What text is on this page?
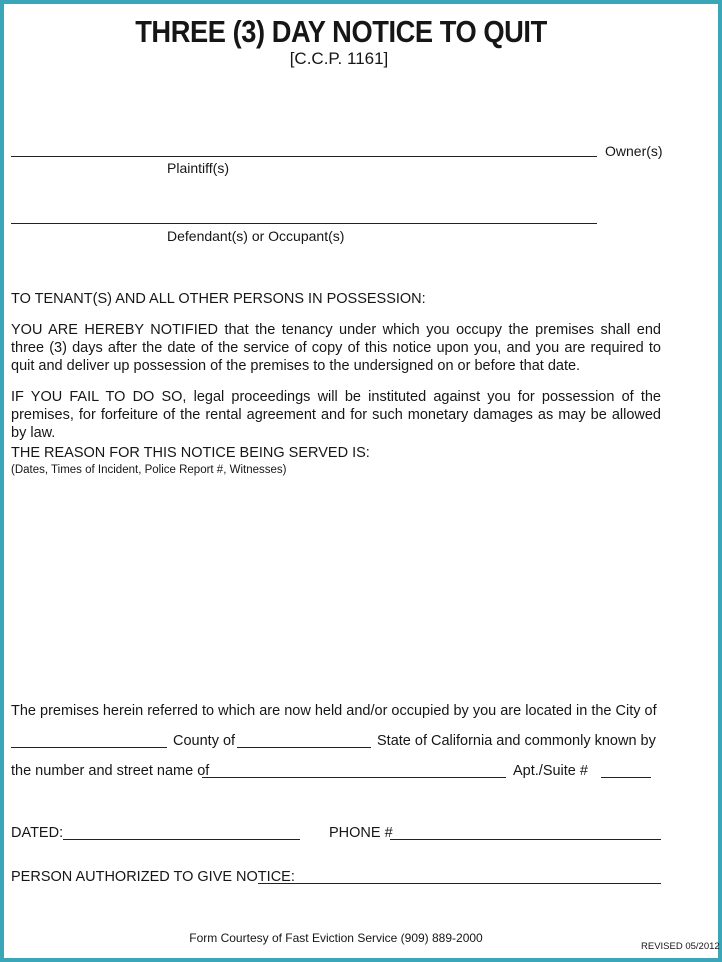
THREE (3) DAY NOTICE TO QUIT
[C.C.P. 1161]
Owner(s)
Plaintiff(s)
Defendant(s) or Occupant(s)
TO TENANT(S) AND ALL OTHER PERSONS IN POSSESSION:
YOU ARE HEREBY NOTIFIED that the tenancy under which you occupy the premises shall end three (3) days after the date of the service of copy of this notice upon you, and you are required to quit and deliver up possession of the premises to the undersigned on or before that date.
IF YOU FAIL TO DO SO, legal proceedings will be instituted against you for possession of the premises, for forfeiture of the rental agreement and for such monetary damages as may be allowed by law.
THE REASON FOR THIS NOTICE BEING SERVED IS:
(Dates, Times of Incident, Police Report #, Witnesses)
The premises herein referred to which are now held and/or occupied by you are located in the City of
County of	State of California and commonly known by
the number and street name of	Apt./Suite #
DATED:	PHONE #
PERSON AUTHORIZED TO GIVE NOTICE:
Form Courtesy of Fast Eviction Service (909) 889-2000
REVISED 05/2012
